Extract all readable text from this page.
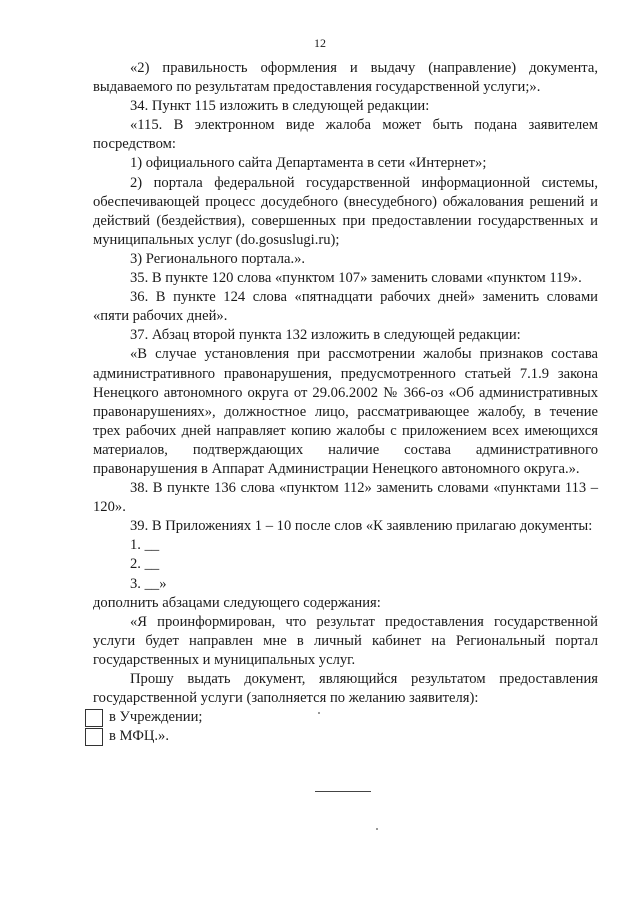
12

«2) правильность оформления и выдачу (направление) документа, выдаваемого по результатам предоставления государственной услуги;».

34. Пункт 115 изложить в следующей редакции:

«115. В электронном виде жалоба может быть подана заявителем посредством:

1) официального сайта Департамента в сети «Интернет»;

2) портала федеральной государственной информационной системы, обеспечивающей процесс досудебного (внесудебного) обжалования решений и действий (бездействия), совершенных при предоставлении государственных и муниципальных услуг (do.gosuslugi.ru);

3) Регионального портала.».

35. В пункте 120 слова «пунктом 107» заменить словами «пунктом 119».

36. В пункте 124 слова «пятнадцати рабочих дней» заменить словами «пяти рабочих дней».

37. Абзац второй пункта 132 изложить в следующей редакции:

«В случае установления при рассмотрении жалобы признаков состава административного правонарушения, предусмотренного статьей 7.1.9 закона Ненецкого автономного округа от 29.06.2002 № 366-оз «Об административных правонарушениях», должностное лицо, рассматривающее жалобу, в течение трех рабочих дней направляет копию жалобы с приложением всех имеющихся материалов, подтверждающих наличие состава административного правонарушения в Аппарат Администрации Ненецкого автономного округа.».

38. В пункте 136 слова «пунктом 112» заменить словами «пунктами 113 – 120».

39. В Приложениях 1 – 10 после слов «К заявлению прилагаю документы:

1. __

2. __

3. __»

дополнить абзацами следующего содержания:

«Я проинформирован, что результат предоставления государственной услуги будет направлен мне в личный кабинет на Региональный портал государственных и муниципальных услуг.

Прошу выдать документ, являющийся результатом предоставления государственной услуги (заполняется по желанию заявителя):

в Учреждении;

в МФЦ.».
